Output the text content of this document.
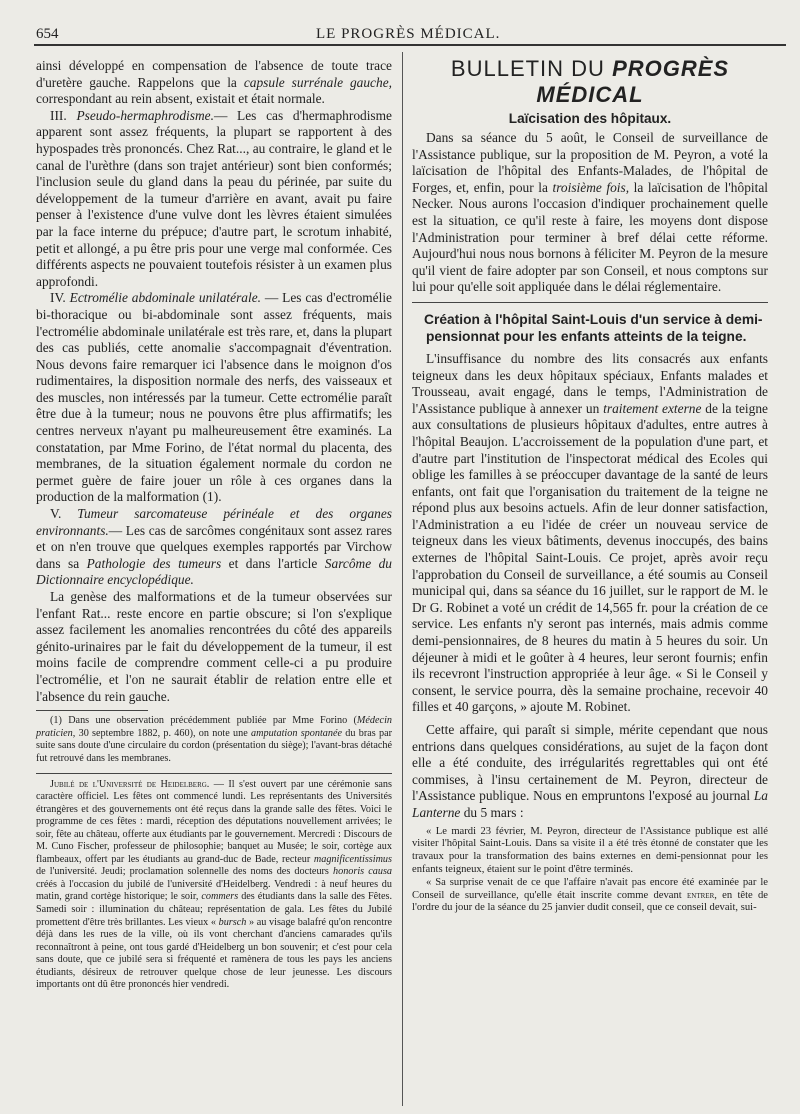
654	LE PROGRÈS MÉDICAL.

ainsi développé en compensation de l'absence de toute trace d'uretère gauche. Rappelons que la capsule surrénale gauche, correspondant au rein absent, existait et était normale.

III. Pseudo-hermaphrodisme.— Les cas d'hermaphrodisme apparent sont assez fréquents, la plupart se rapportent à des hypospades très prononcés. Chez Rat..., au contraire, le gland et le canal de l'urèthre (dans son trajet antérieur) sont bien conformés; l'inclusion seule du gland dans la peau du périnée, par suite du développement de la tumeur d'arrière en avant, avait pu faire penser à l'existence d'une vulve dont les lèvres étaient simulées par la face interne du prépuce; d'autre part, le scrotum inhabité, petit et allongé, a pu être pris pour une verge mal conformée. Ces différents aspects ne pouvaient toutefois résister à un examen plus approfondi.

IV. Ectromélie abdominale unilatérale. — Les cas d'ectromélie bi-thoracique ou bi-abdominale sont assez fréquents, mais l'ectromélie abdominale unilatérale est très rare, et, dans la plupart des cas publiés, cette anomalie s'accompagnait d'éventration. Nous devons faire remarquer ici l'absence dans le moignon d'os rudimentaires, la disposition normale des nerfs, des vaisseaux et des muscles, non intéressés par la tumeur. Cette ectromélie paraît être due à la tumeur; nous ne pouvons être plus affirmatifs; les centres nerveux n'ayant pu malheureusement être examinés. La constatation, par Mme Forino, de l'état normal du placenta, des membranes, de la situation également normale du cordon ne permet guère de faire jouer un rôle à ces organes dans la production de la malformation (1).

V. Tumeur sarcomateuse périnéale et des organes environnants.— Les cas de sarcômes congénitaux sont assez rares et on n'en trouve que quelques exemples rapportés par Virchow dans sa Pathologie des tumeurs et dans l'article Sarcôme du Dictionnaire encyclopédique.

La genèse des malformations et de la tumeur observées sur l'enfant Rat... reste encore en partie obscure; si l'on s'explique assez facilement les anomalies rencontrées du côté des appareils génito-urinaires par le fait du développement de la tumeur, il est moins facile de comprendre comment celle-ci a pu produire l'ectromélie, et l'on ne saurait établir de relation entre elle et l'absence du rein gauche.

(1) Dans une observation précédemment publiée par Mme Forino (Médecin praticien, 30 septembre 1882, p. 460), on note une amputation spontanée du bras par suite sans doute d'une circulaire du cordon (présentation du siège); l'avant-bras détaché fut retrouvé dans les membranes.

Jubilé de l'Université de Heidelberg. — Il s'est ouvert par une cérémonie sans caractère officiel. Les fêtes ont commencé lundi. Les représentants des Universités étrangères et des gouvernements ont été reçus dans la grande salle des fêtes. Voici le programme de ces fêtes : mardi, réception des députations nouvellement arrivées; le soir, fête au château, offerte aux étudiants par le gouvernement. Mercredi : Discours de M. Cuno Fischer, professeur de philosophie; banquet au Musée; le soir, cortège aux flambeaux, offert par les étudiants au grand-duc de Bade, recteur magnificentissimus de l'université. Jeudi; proclamation solennelle des noms des docteurs honoris causa créés à l'occasion du jubilé de l'université d'Heidelberg. Vendredi : à neuf heures du matin, grand cortège historique; le soir, commers des étudiants dans la salle des Fêtes. Samedi soir : illumination du château; représentation de gala. Les fêtes du Jubilé promettent d'être très brillantes. Les vieux « bursch » au visage balafré qu'on rencontre déjà dans les rues de la ville, où ils vont cherchant d'anciens camarades qu'ils reconnaîtront à peine, ont tous gardé d'Heidelberg un bon souvenir; et c'est pour cela sans doute, que ce jubilé sera si fréquenté et ramènera de tous les pays les anciens étudiants, désireux de retrouver quelque chose de leur jeunesse. Les discours importants ont dû être prononcés hier vendredi.

BULLETIN DU PROGRÈS MÉDICAL
Laïcisation des hôpitaux.

Dans sa séance du 5 août, le Conseil de surveillance de l'Assistance publique, sur la proposition de M. Peyron, a voté la laïcisation de l'hôpital des Enfants-Malades, de l'hôpital de Forges, et, enfin, pour la troisième fois, la laïcisation de l'hôpital Necker. Nous aurons l'occasion d'indiquer prochainement quelle est la situation, ce qu'il reste à faire, les moyens dont dispose l'Administration pour terminer à bref délai cette réforme. Aujourd'hui nous nous bornons à féliciter M. Peyron de la mesure qu'il vient de faire adopter par son Conseil, et nous comptons sur lui pour qu'elle soit appliquée dans le délai réglementaire.

Création à l'hôpital Saint-Louis d'un service à demi-pensionnat pour les enfants atteints de la teigne.

L'insuffisance du nombre des lits consacrés aux enfants teigneux dans les deux hôpitaux spéciaux, Enfants malades et Trousseau, avait engagé, dans le temps, l'Administration de l'Assistance publique à annexer un traitement externe de la teigne aux consultations de plusieurs hôpitaux d'adultes, entre autres à l'hôpital Beaujon. L'accroissement de la population d'une part, et d'autre part l'institution de l'inspectorat médical des Ecoles qui oblige les familles à se préoccuper davantage de la santé de leurs enfants, ont fait que l'organisation du traitement de la teigne ne répond plus aux besoins actuels. Afin de leur donner satisfaction, l'Administration a eu l'idée de créer un nouveau service de teigneux dans les vieux bâtiments, devenus inoccupés, des bains externes de l'hôpital Saint-Louis. Ce projet, après avoir reçu l'approbation du Conseil de surveillance, a été soumis au Conseil municipal qui, dans sa séance du 16 juillet, sur le rapport de M. le Dr G. Robinet a voté un crédit de 14,565 fr. pour la création de ce service. Les enfants n'y seront pas internés, mais admis comme demi-pensionnaires, de 8 heures du matin à 5 heures du soir. Un déjeuner à midi et le goûter à 4 heures, leur seront fournis; enfin ils recevront l'instruction appropriée à leur âge. « Si le Conseil y consent, le service pourra, dès la semaine prochaine, recevoir 40 filles et 40 garçons, » ajoute M. Robinet.

Cette affaire, qui paraît si simple, mérite cependant que nous entrions dans quelques considérations, au sujet de la façon dont elle a été conduite, des irrégularités regrettables qui ont été commises, à l'insu certainement de M. Peyron, directeur de l'Assistance publique. Nous en empruntons l'exposé au journal La Lanterne du 5 mars :

« Le mardi 23 février, M. Peyron, directeur de l'Assistance publique est allé visiter l'hôpital Saint-Louis. Dans sa visite il a été très étonné de constater que les travaux pour la transformation des bains externes en demi-pensionnat pour les enfants teigneux, étaient sur le point d'être terminés.

« Sa surprise venait de ce que l'affaire n'avait pas encore été examinée par le Conseil de surveillance, qu'elle était inscrite comme devant entrer, en tête de l'ordre du jour de la séance du 25 janvier dudit conseil, que ce conseil devait, sui-
